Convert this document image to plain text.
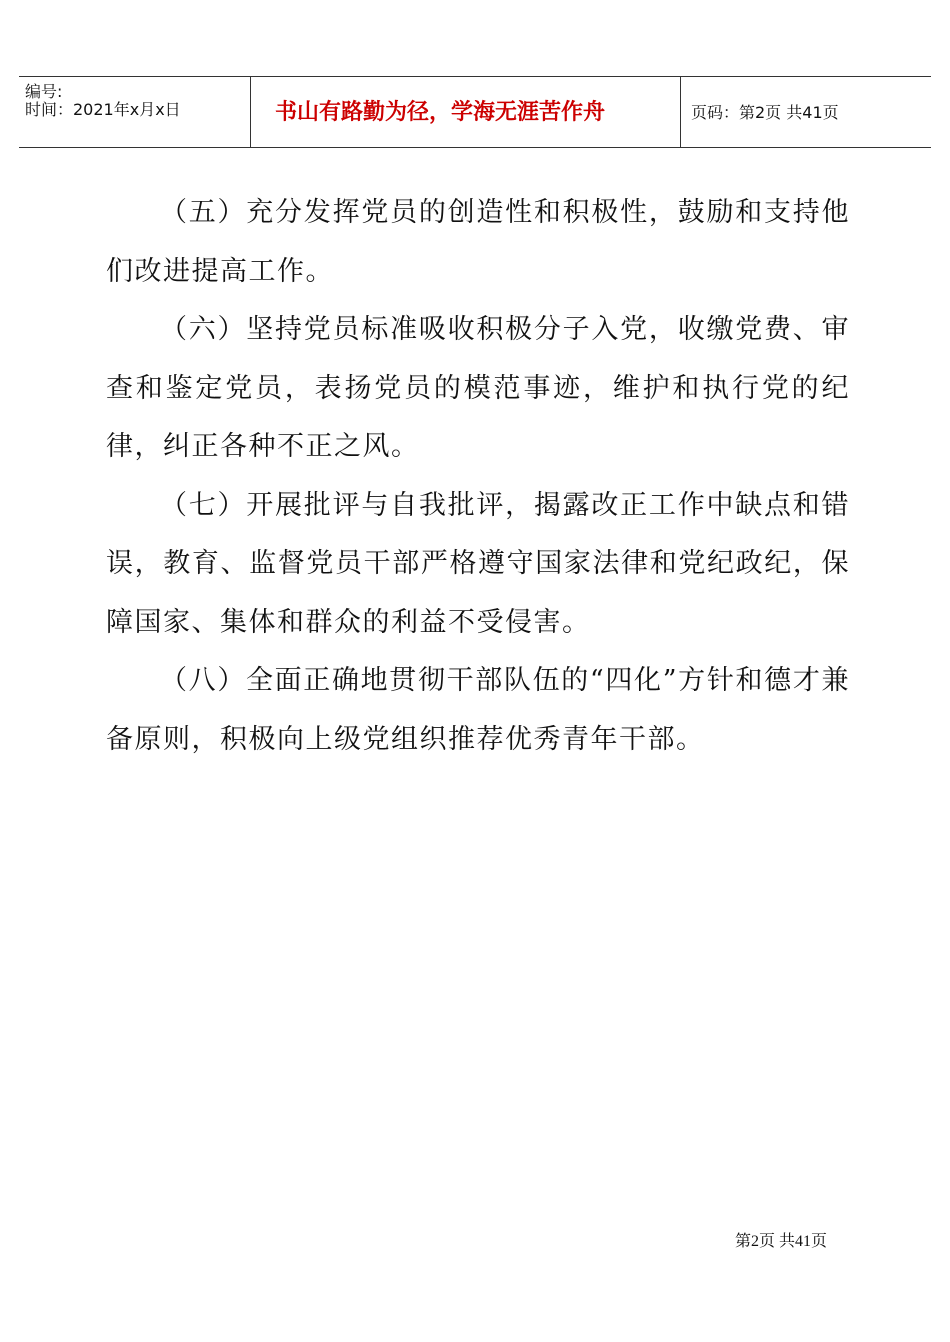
编号:
时间：2021年x月x日	书山有路勤为径，学海无涯苦作舟	页码：第2页 共41页

（五）充分发挥党员的创造性和积极性，鼓励和支持他们改进提高工作。

（六）坚持党员标准吸收积极分子入党，收缴党费、审查和鉴定党员，表扬党员的模范事迹，维护和执行党的纪律，纠正各种不正之风。

（七）开展批评与自我批评，揭露改正工作中缺点和错误，教育、监督党员干部严格遵守国家法律和党纪政纪，保障国家、集体和群众的利益不受侵害。

（八）全面正确地贯彻干部队伍的“四化”方针和德才兼备原则，积极向上级党组织推荐优秀青年干部。

第2页 共41页
